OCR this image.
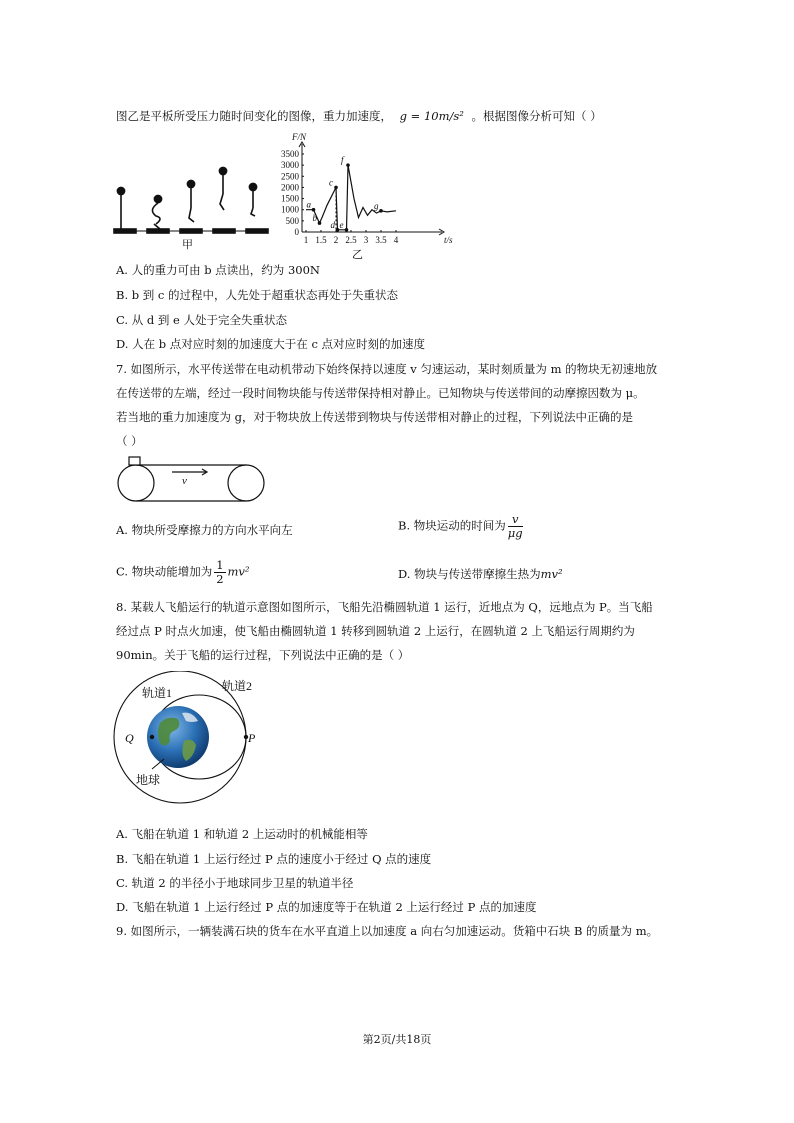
图乙是平板所受压力随时间变化的图像，重力加速度， g = 10m/s² 。根据图像分析可知（ ）
甲
3500
3000
2500
2000
1500
1000
500
0
1 1.5 2 2.5 3 3.5 4
F/N
t/s
a
b
c
d e
f
g
乙
A. 人的重力可由 b 点读出，约为 300N
B. b 到 c 的过程中，人先处于超重状态再处于失重状态
C. 从 d 到 e 人处于完全失重状态
D. 人在 b 点对应时刻的加速度大于在 c 点对应时刻的加速度
7. 如图所示，水平传送带在电动机带动下始终保持以速度 v 匀速运动，某时刻质量为 m 的物块无初速地放
在传送带的左端，经过一段时间物块能与传送带保持相对静止。已知物块与传送带间的动摩擦因数为 μ。
若当地的重力加速度为 g，对于物块放上传送带到物块与传送带相对静止的过程，下列说法中正确的是
（ ）
v
A. 物块所受摩擦力的方向水平向左	B. 物块运动的时间为 $\frac{v}{\mu g}$
C. 物块动能增加为 $\frac{1}{2} mv^2$	D. 物块与传送带摩擦生热为mv²
8. 某载人飞船运行的轨道示意图如图所示，飞船先沿椭圆轨道 1 运行，近地点为 Q，远地点为 P。当飞船
经过点 P 时点火加速，使飞船由椭圆轨道 1 转移到圆轨道 2 上运行，在圆轨道 2 上飞船运行周期约为
90min。关于飞船的运行过程，下列说法中正确的是（ ）
轨道1	轨道2
Q	P
地球
A. 飞船在轨道 1 和轨道 2 上运动时的机械能相等
B. 飞船在轨道 1 上运行经过 P 点的速度小于经过 Q 点的速度
C. 轨道 2 的半径小于地球同步卫星的轨道半径
D. 飞船在轨道 1 上运行经过 P 点的加速度等于在轨道 2 上运行经过 P 点的加速度
9. 如图所示，一辆装满石块的货车在水平直道上以加速度 a 向右匀加速运动。货箱中石块 B 的质量为 m。
第2页/共18页
